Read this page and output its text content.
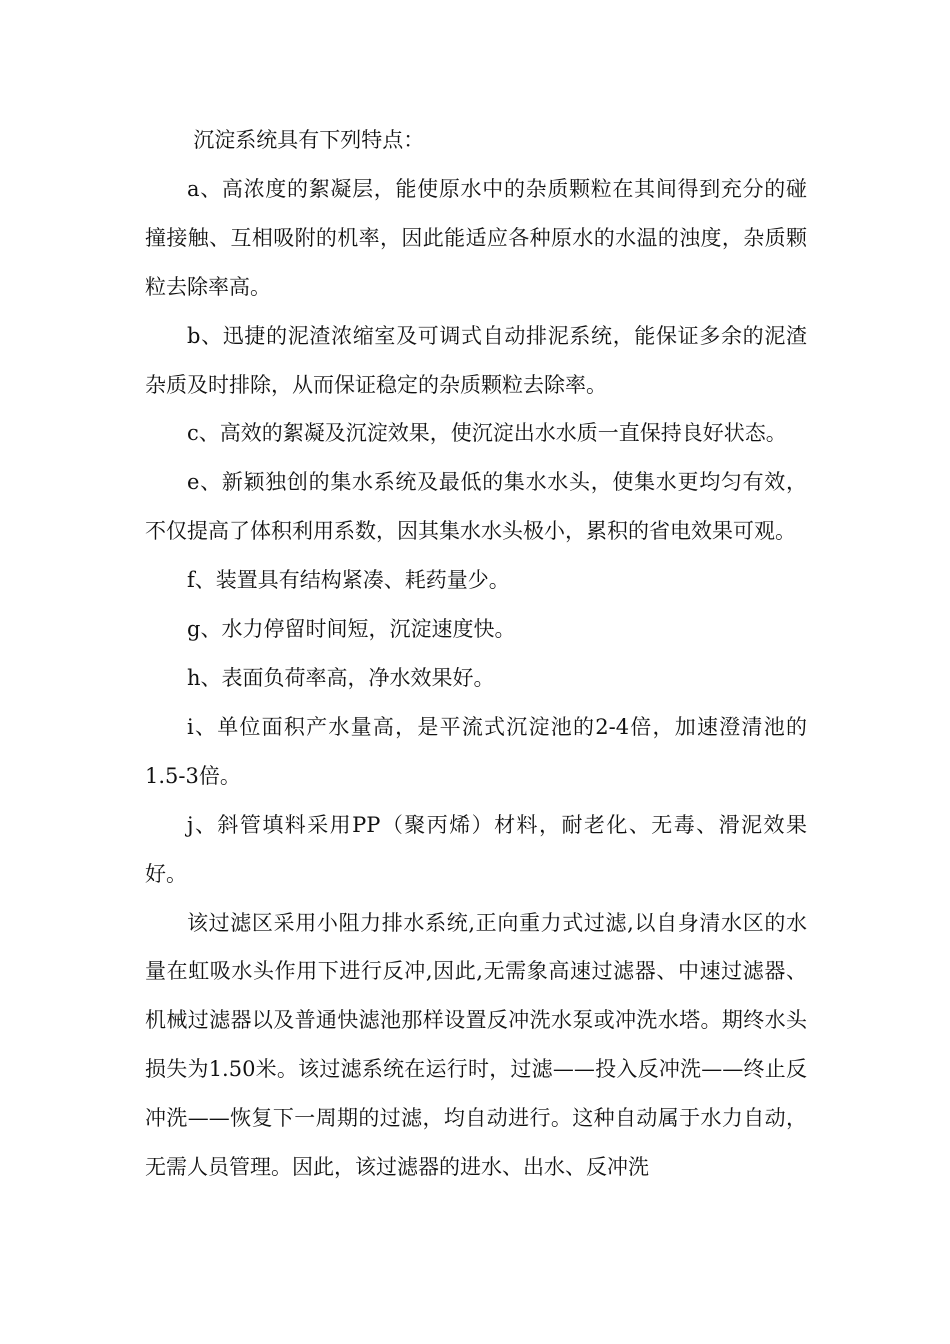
沉淀系统具有下列特点：

a、高浓度的絮凝层，能使原水中的杂质颗粒在其间得到充分的碰撞接触、互相吸附的机率，因此能适应各种原水的水温的浊度，杂质颗粒去除率高。

b、迅捷的泥渣浓缩室及可调式自动排泥系统，能保证多余的泥渣杂质及时排除，从而保证稳定的杂质颗粒去除率。

c、高效的絮凝及沉淀效果，使沉淀出水水质一直保持良好状态。

e、新颖独创的集水系统及最低的集水水头，使集水更均匀有效，不仅提高了体积利用系数，因其集水水头极小，累积的省电效果可观。

f、装置具有结构紧凑、耗药量少。

g、水力停留时间短，沉淀速度快。

h、表面负荷率高，净水效果好。

i、单位面积产水量高，是平流式沉淀池的2-4倍，加速澄清池的1.5-3倍。

j、斜管填料采用PP（聚丙烯）材料，耐老化、无毒、滑泥效果好。

该过滤区采用小阻力排水系统,正向重力式过滤,以自身清水区的水量在虹吸水头作用下进行反冲,因此,无需象高速过滤器、中速过滤器、机械过滤器以及普通快滤池那样设置反冲洗水泵或冲洗水塔。期终水头损失为1.50米。该过滤系统在运行时，过滤——投入反冲洗——终止反冲洗——恢复下一周期的过滤，均自动进行。这种自动属于水力自动，无需人员管理。因此，该过滤器的进水、出水、反冲洗
